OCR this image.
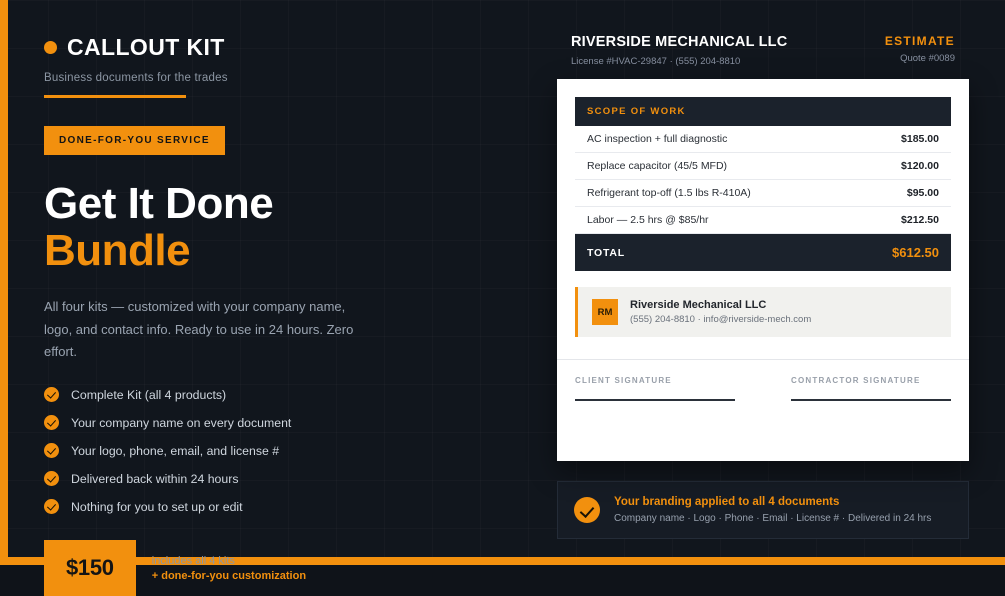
CALLOUT KIT
Business documents for the trades
DONE-FOR-YOU SERVICE
Get It Done
Bundle
All four kits — customized with your company name, logo, and contact info. Ready to use in 24 hours. Zero effort.
Complete Kit (all 4 products)
Your company name on every document
Your logo, phone, email, and license #
Delivered back within 24 hours
Nothing for you to set up or edit
$150	includes all 4 kits
+ done-for-you customization
RIVERSIDE MECHANICAL LLC
License #HVAC-29847 · (555) 204-8810
ESTIMATE
Quote #0089
SCOPE OF WORK
AC inspection + full diagnostic	$185.00
Replace capacitor (45/5 MFD)	$120.00
Refrigerant top-off (1.5 lbs R-410A)	$95.00
Labor — 2.5 hrs @ $85/hr	$212.50
TOTAL	$612.50
RM
Riverside Mechanical LLC
(555) 204-8810 · info@riverside-mech.com
CLIENT SIGNATURE	CONTRACTOR SIGNATURE
Your branding applied to all 4 documents
Company name · Logo · Phone · Email · License # · Delivered in 24 hrs
